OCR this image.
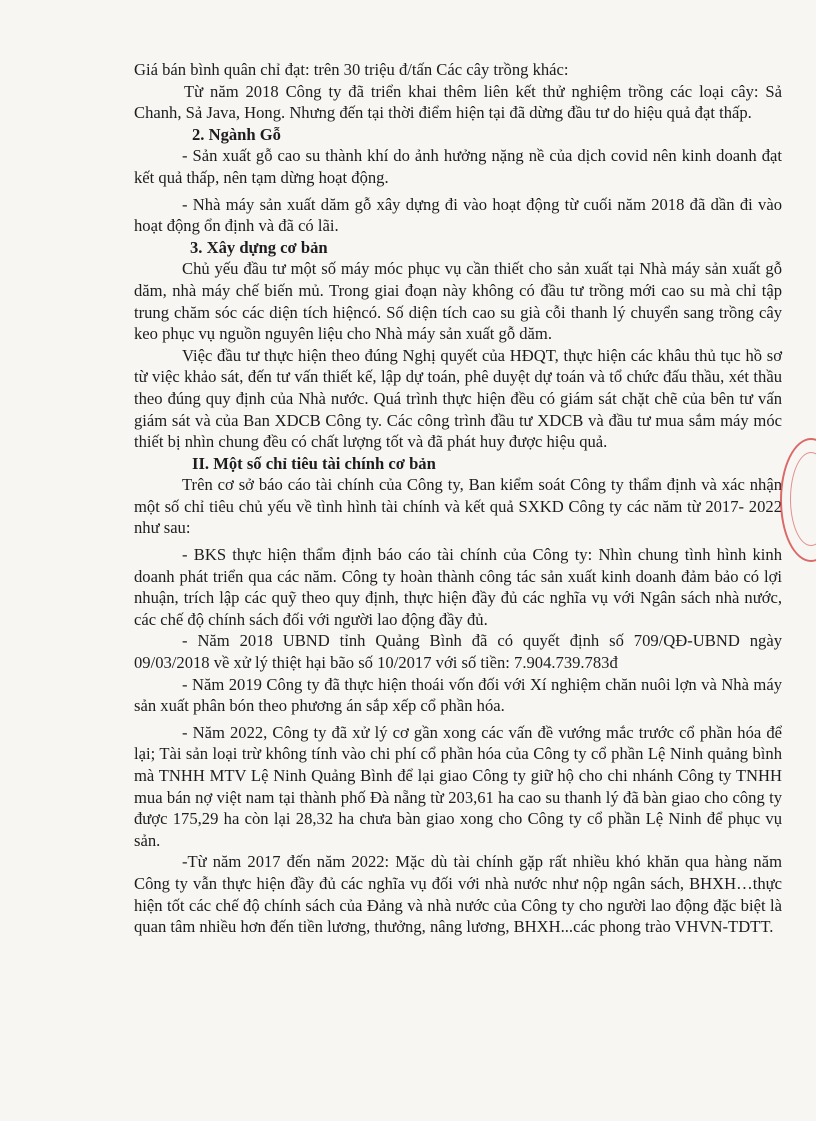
Giá bán bình quân chỉ đạt: trên 30 triệu đ/tấn Các cây trồng khác:

Từ năm 2018 Công ty đã triển khai thêm liên kết thử nghiệm trồng các loại cây: Sả Chanh, Sả Java, Hong. Nhưng đến tại thời điểm hiện tại đã dừng đầu tư do hiệu quả đạt thấp.

2. Ngành Gỗ

- Sản xuất gỗ cao su thành khí do ảnh hưởng nặng nề của dịch covid nên kinh doanh đạt kết quả thấp, nên tạm dừng hoạt động.

- Nhà máy sản xuất dăm gỗ xây dựng đi vào hoạt động từ cuối năm 2018 đã dần đi vào hoạt động ổn định và đã có lãi.

3. Xây dựng cơ bản

Chủ yếu đầu tư một số máy móc phục vụ cần thiết cho sản xuất tại Nhà máy sản xuất gỗ dăm, nhà máy chế biến mủ. Trong giai đoạn này không có đầu tư trồng mới cao su mà chỉ tập trung chăm sóc các diện tích hiệncó. Số diện tích cao su già cỗi thanh lý chuyển sang trồng cây keo phục vụ nguồn nguyên liệu cho Nhà máy sản xuất gỗ dăm.

Việc đầu tư thực hiện theo đúng Nghị quyết của HĐQT, thực hiện các khâu thủ tục hồ sơ từ việc khảo sát, đến tư vấn thiết kế, lập dự toán, phê duyệt dự toán và tổ chức đấu thầu, xét thầu theo đúng quy định của Nhà nước. Quá trình thực hiện đều có giám sát chặt chẽ của bên tư vấn giám sát và của Ban XDCB Công ty. Các công trình đầu tư XDCB và đầu tư mua sắm máy móc thiết bị nhìn chung đều có chất lượng tốt và đã phát huy được hiệu quả.

II. Một số chỉ tiêu tài chính cơ bản

Trên cơ sở báo cáo tài chính của Công ty, Ban kiểm soát Công ty thẩm định và xác nhận một số chỉ tiêu chủ yếu về tình hình tài chính và kết quả SXKD Công ty các năm từ 2017- 2022 như sau:

- BKS thực hiện thẩm định báo cáo tài chính của Công ty: Nhìn chung tình hình kinh doanh phát triển qua các năm. Công ty hoàn thành công tác sản xuất kinh doanh đảm bảo có lợi nhuận, trích lập các quỹ theo quy định, thực hiện đầy đủ các nghĩa vụ với Ngân sách nhà nước, các chế độ chính sách đối với người lao động đầy đủ.

- Năm 2018 UBND tỉnh Quảng Bình đã có quyết định số 709/QĐ-UBND ngày 09/03/2018 về xử lý thiệt hại bão số 10/2017 với số tiền: 7.904.739.783đ

- Năm 2019 Công ty đã thực hiện thoái vốn đối với Xí nghiệm chăn nuôi lợn và Nhà máy sản xuất phân bón theo phương án sắp xếp cổ phần hóa.

- Năm 2022, Công ty đã xử lý cơ gần xong các vấn đề vướng mắc trước cổ phần hóa để lại; Tài sản loại trừ không tính vào chi phí cổ phần hóa của Công ty cổ phần Lệ Ninh quảng bình mà TNHH MTV Lệ Ninh Quảng Bình để lại giao Công ty giữ hộ cho chi nhánh Công ty TNHH mua bán nợ việt nam tại thành phố Đà nẵng từ 203,61 ha cao su thanh lý đã bàn giao cho công ty được 175,29 ha còn lại 28,32 ha chưa bàn giao xong cho Công ty cổ phần Lệ Ninh để phục vụ sản.

-Từ năm 2017 đến năm 2022: Mặc dù tài chính gặp rất nhiều khó khăn qua hàng năm Công ty vẫn thực hiện đầy đủ các nghĩa vụ đối với nhà nước như nộp ngân sách, BHXH…thực hiện tốt các chế độ chính sách của Đảng và nhà nước của Công ty cho người lao động đặc biệt là quan tâm nhiều hơn đến tiền lương, thưởng, nâng lương, BHXH...các phong trào VHVN-TDTT.
